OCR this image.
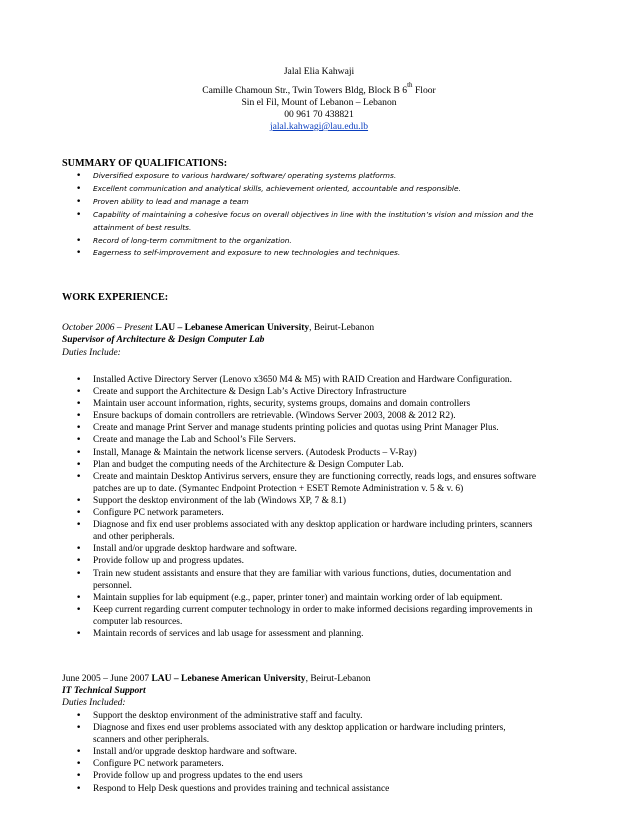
Jalal Elia Kahwaji
Camille Chamoun Str., Twin Towers Bldg, Block B 6th Floor
Sin el Fil, Mount of Lebanon – Lebanon
00 961 70 438821
jalal.kahwagi@lau.edu.lb
SUMMARY OF QUALIFICATIONS:
• Diversified exposure to various hardware/ software/ operating systems platforms.
• Excellent communication and analytical skills, achievement oriented, accountable and responsible.
• Proven ability to lead and manage a team
• Capability of maintaining a cohesive focus on overall objectives in line with the institution’s vision and mission and the attainment of best results.
• Record of long-term commitment to the organization.
• Eagerness to self-improvement and exposure to new technologies and techniques.
WORK EXPERIENCE:
October 2006 – Present LAU – Lebanese American University, Beirut-Lebanon
Supervisor of Architecture & Design Computer Lab
Duties Include:
• Installed Active Directory Server (Lenovo x3650 M4 & M5) with RAID Creation and Hardware Configuration.
• Create and support the Architecture & Design Lab’s Active Directory Infrastructure
• Maintain user account information, rights, security, systems groups, domains and domain controllers
• Ensure backups of domain controllers are retrievable. (Windows Server 2003, 2008 & 2012 R2).
• Create and manage Print Server and manage students printing policies and quotas using Print Manager Plus.
• Create and manage the Lab and School’s File Servers.
• Install, Manage & Maintain the network license servers. (Autodesk Products – V-Ray)
• Plan and budget the computing needs of the Architecture & Design Computer Lab.
• Create and maintain Desktop Antivirus servers, ensure they are functioning correctly, reads logs, and ensures software patches are up to date. (Symantec Endpoint Protection + ESET Remote Administration v. 5 & v. 6)
• Support the desktop environment of the lab (Windows XP, 7 & 8.1)
• Configure PC network parameters.
• Diagnose and fix end user problems associated with any desktop application or hardware including printers, scanners and other peripherals.
• Install and/or upgrade desktop hardware and software.
• Provide follow up and progress updates.
• Train new student assistants and ensure that they are familiar with various functions, duties, documentation and personnel.
• Maintain supplies for lab equipment (e.g., paper, printer toner) and maintain working order of lab equipment.
• Keep current regarding current computer technology in order to make informed decisions regarding improvements in computer lab resources.
• Maintain records of services and lab usage for assessment and planning.
June 2005 – June 2007 LAU – Lebanese American University, Beirut-Lebanon
IT Technical Support
Duties Included:
• Support the desktop environment of the administrative staff and faculty.
• Diagnose and fixes end user problems associated with any desktop application or hardware including printers, scanners and other peripherals.
• Install and/or upgrade desktop hardware and software.
• Configure PC network parameters.
• Provide follow up and progress updates to the end users
• Respond to Help Desk questions and provides training and technical assistance
